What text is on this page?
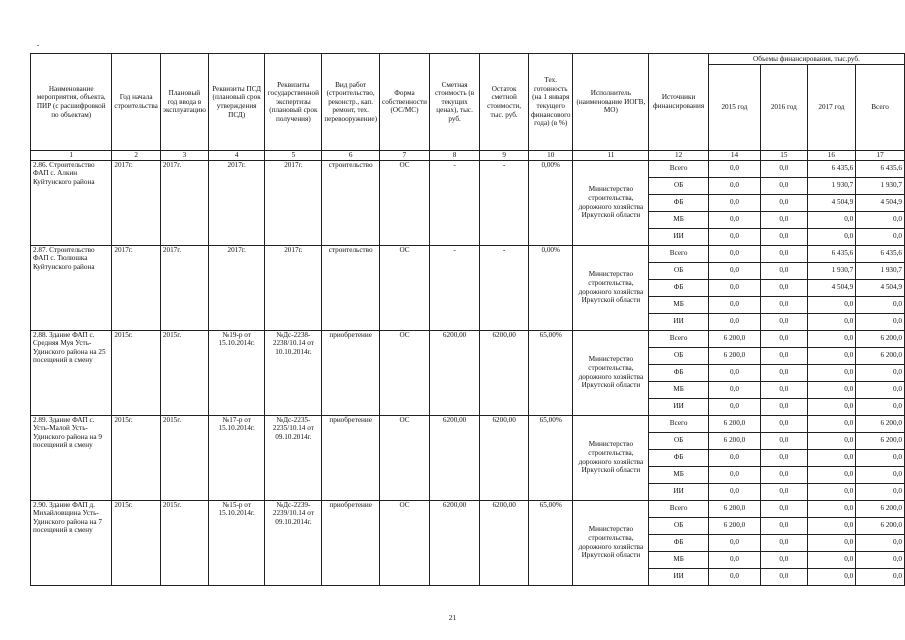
-
Наименование мероприятия, объекта, ПИР (с расшифровкой по объектам)	Год начала строительства	Плановый год ввода в эксплуатацию	Реквизиты ПСД (плановый срок утверждения ПСД)	Реквизиты государственной экспертизы (плановый срок получения)	Вид работ (строительство, реконстр., кап. ремонт, тех. перевооружение)	Форма собственности (ОС/МС)	Сметная стоимость (в текущих ценах), тыс. руб.	Остаток сметной стоимости, тыс. руб.	Тех. готовность (на 1 января текущего финансового года) (в %)	Исполнитель (наименование ИОГВ, МО)	Источники финансирования	Объемы финансирования, тыс.руб.			
												2015 год	2016 год	2017 год	Всего
1	2	3	4	5	6	7	8	9	10	11	12	14	15	16	17
2.86. Строительство ФАП с. Алкин Куйтунского района	2017г.	2017г.	2017г.	2017г.	строительство	ОС	-	-	0,00%	Министерство строительства, дорожного хозяйства Иркутской области	Всего	0,0	0,0	6 435,6	6 435,6
											ОБ	0,0	0,0	1 930,7	1 930,7
											ФБ	0,0	0,0	4 504,9	4 504,9
											МБ	0,0	0,0	0,0	0,0
											ИИ	0,0	0,0	0,0	0,0
2.87. Строительство ФАП с. Тюлюшка Куйтунского района	2017г.	2017г.	2017г.	2017г.	строительство	ОС	-	-	0,00%	Министерство строительства, дорожного хозяйства Иркутской области	Всего	0,0	0,0	6 435,6	6 435,6
											ОБ	0,0	0,0	1 930,7	1 930,7
											ФБ	0,0	0,0	4 504,9	4 504,9
											МБ	0,0	0,0	0,0	0,0
											ИИ	0,0	0,0	0,0	0,0
2.88. Здание ФАП с. Средняя Муя Усть-Удинского района на 25 посещений в смену	2015г.	2015г.	№19-р от 15.10.2014г.	№Дс-2238-2238/10.14 от 10.10.2014г.	приобретение	ОС	6200,00	6200,00	65,00%	Министерство строительства, дорожного хозяйства Иркутской области	Всего	6 200,0	0,0	0,0	6 200,0
											ОБ	6 200,0	0,0	0,0	6 200,0
											ФБ	0,0	0,0	0,0	0,0
											МБ	0,0	0,0	0,0	0,0
											ИИ	0,0	0,0	0,0	0,0
2.89. Здание ФАП с. Усть-Малой Усть-Удинского района на 9 посещений в смену	2015г.	2015г.	№17-р от 15.10.2014г.	№Дс-2235-2235/10.14 от 09.10.2014г.	приобретение	ОС	6200,00	6200,00	65,00%	Министерство строительства, дорожного хозяйства Иркутской области	Всего	6 200,0	0,0	0,0	6 200,0
											ОБ	6 200,0	0,0	0,0	6 200,0
											ФБ	0,0	0,0	0,0	0,0
											МБ	0,0	0,0	0,0	0,0
											ИИ	0,0	0,0	0,0	0,0
2.90. Здание ФАП д. Михайловщина Усть-Удинского района на 7 посещений в смену	2015г.	2015г.	№15-р от 15.10.2014г.	№Дс-2239-2239/10.14 от 09.10.2014г.	приобретение	ОС	6200,00	6200,00	65,00%	Министерство строительства, дорожного хозяйства Иркутской области	Всего	6 200,0	0,0	0,0	6 200,0
											ОБ	6 200,0	0,0	0,0	6 200,0
											ФБ	0,0	0,0	0,0	0,0
											МБ	0,0	0,0	0,0	0,0
											ИИ	0,0	0,0	0,0	0,0
21
